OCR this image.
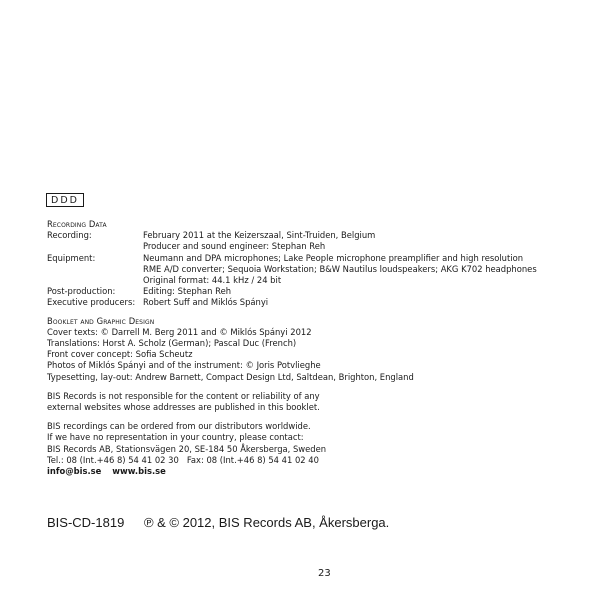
DDD
Recording Data
Recording:	February 2011 at the Keizerszaal, Sint-Truiden, Belgium
Producer and sound engineer: Stephan Reh
Equipment:	Neumann and DPA microphones; Lake People microphone preamplifier and high resolution
RME A/D converter; Sequoia Workstation; B&W Nautilus loudspeakers; AKG K702 headphones
Original format: 44.1 kHz / 24 bit
Post-production:	Editing: Stephan Reh
Executive producers: Robert Suff and Miklós Spányi
Booklet and Graphic Design
Cover texts: © Darrell M. Berg 2011 and © Miklós Spányi 2012
Translations: Horst A. Scholz (German); Pascal Duc (French)
Front cover concept: Sofia Scheutz
Photos of Miklós Spányi and of the instrument: © Joris Potvlieghe
Typesetting, lay-out: Andrew Barnett, Compact Design Ltd, Saltdean, Brighton, England
BIS Records is not responsible for the content or reliability of any
external websites whose addresses are published in this booklet.
BIS recordings can be ordered from our distributors worldwide.
If we have no representation in your country, please contact:
BIS Records AB, Stationsvägen 20, SE-184 50 Åkersberga, Sweden
Tel.: 08 (Int.+46 8) 54 41 02 30   Fax: 08 (Int.+46 8) 54 41 02 40
info@bis.se www.bis.se
BIS-CD-1819 ℗ & © 2012, BIS Records AB, Åkersberga.
23
